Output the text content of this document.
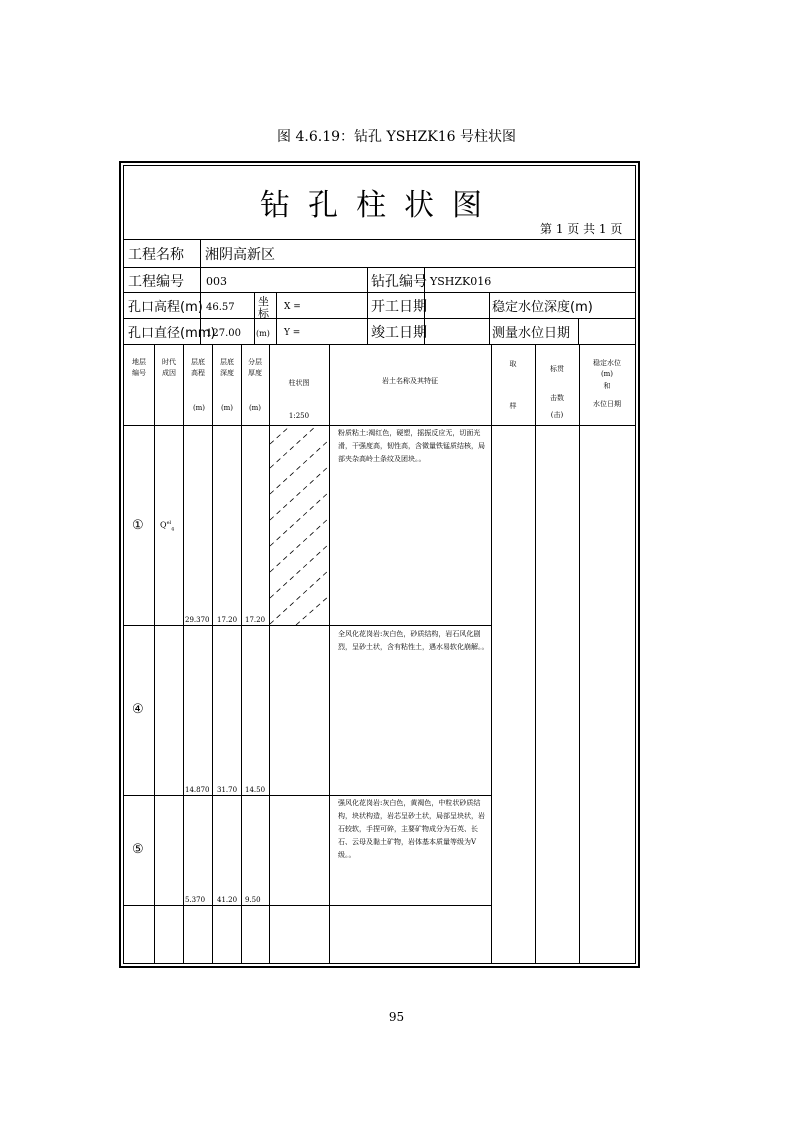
图 4.6.19：钻孔 YSHZK16 号柱状图
钻孔柱状图
第 1 页 共 1 页
工程名称 湘阴高新区
工程编号 003	钻孔编号 YSHZK016
孔口高程(m) 46.57
孔口直径(mm)
127.00
坐标
(m)
X =
Y =
开工日期
竣工日期
稳定水位深度(m)
测量水位日期
地层编号
时代成因
层底高程
(m)
层底深度
(m)
分层厚度
(m)
柱状图
1:250
岩土名称及其特征
取
样
标贯
击数
(击)
稳定水位
(m)
和
水位日期
① $Q^{el}_4$
29.370 17.20 17.20
粉质粘土:褐红色，硬塑，摇振反应无，切面光滑，干强度高，韧性高，含微量铁锰质结核，局部夹杂高岭土条纹及团块。。
④
14.870 31.70 14.50
全风化花岗岩:灰白色，砂质结构，岩石风化剧烈，呈砂土状，含有粘性土，遇水易软化崩解。。
⑤
5.370 41.20 9.50
强风化花岗岩:灰白色，黄褐色，中粒状砂质结构，块状构造，岩芯呈砂土状，局部呈块状，岩石较软，手捏可碎，主要矿物成分为石英、长石、云母及黏土矿物，岩体基本质量等级为V级。。
95
